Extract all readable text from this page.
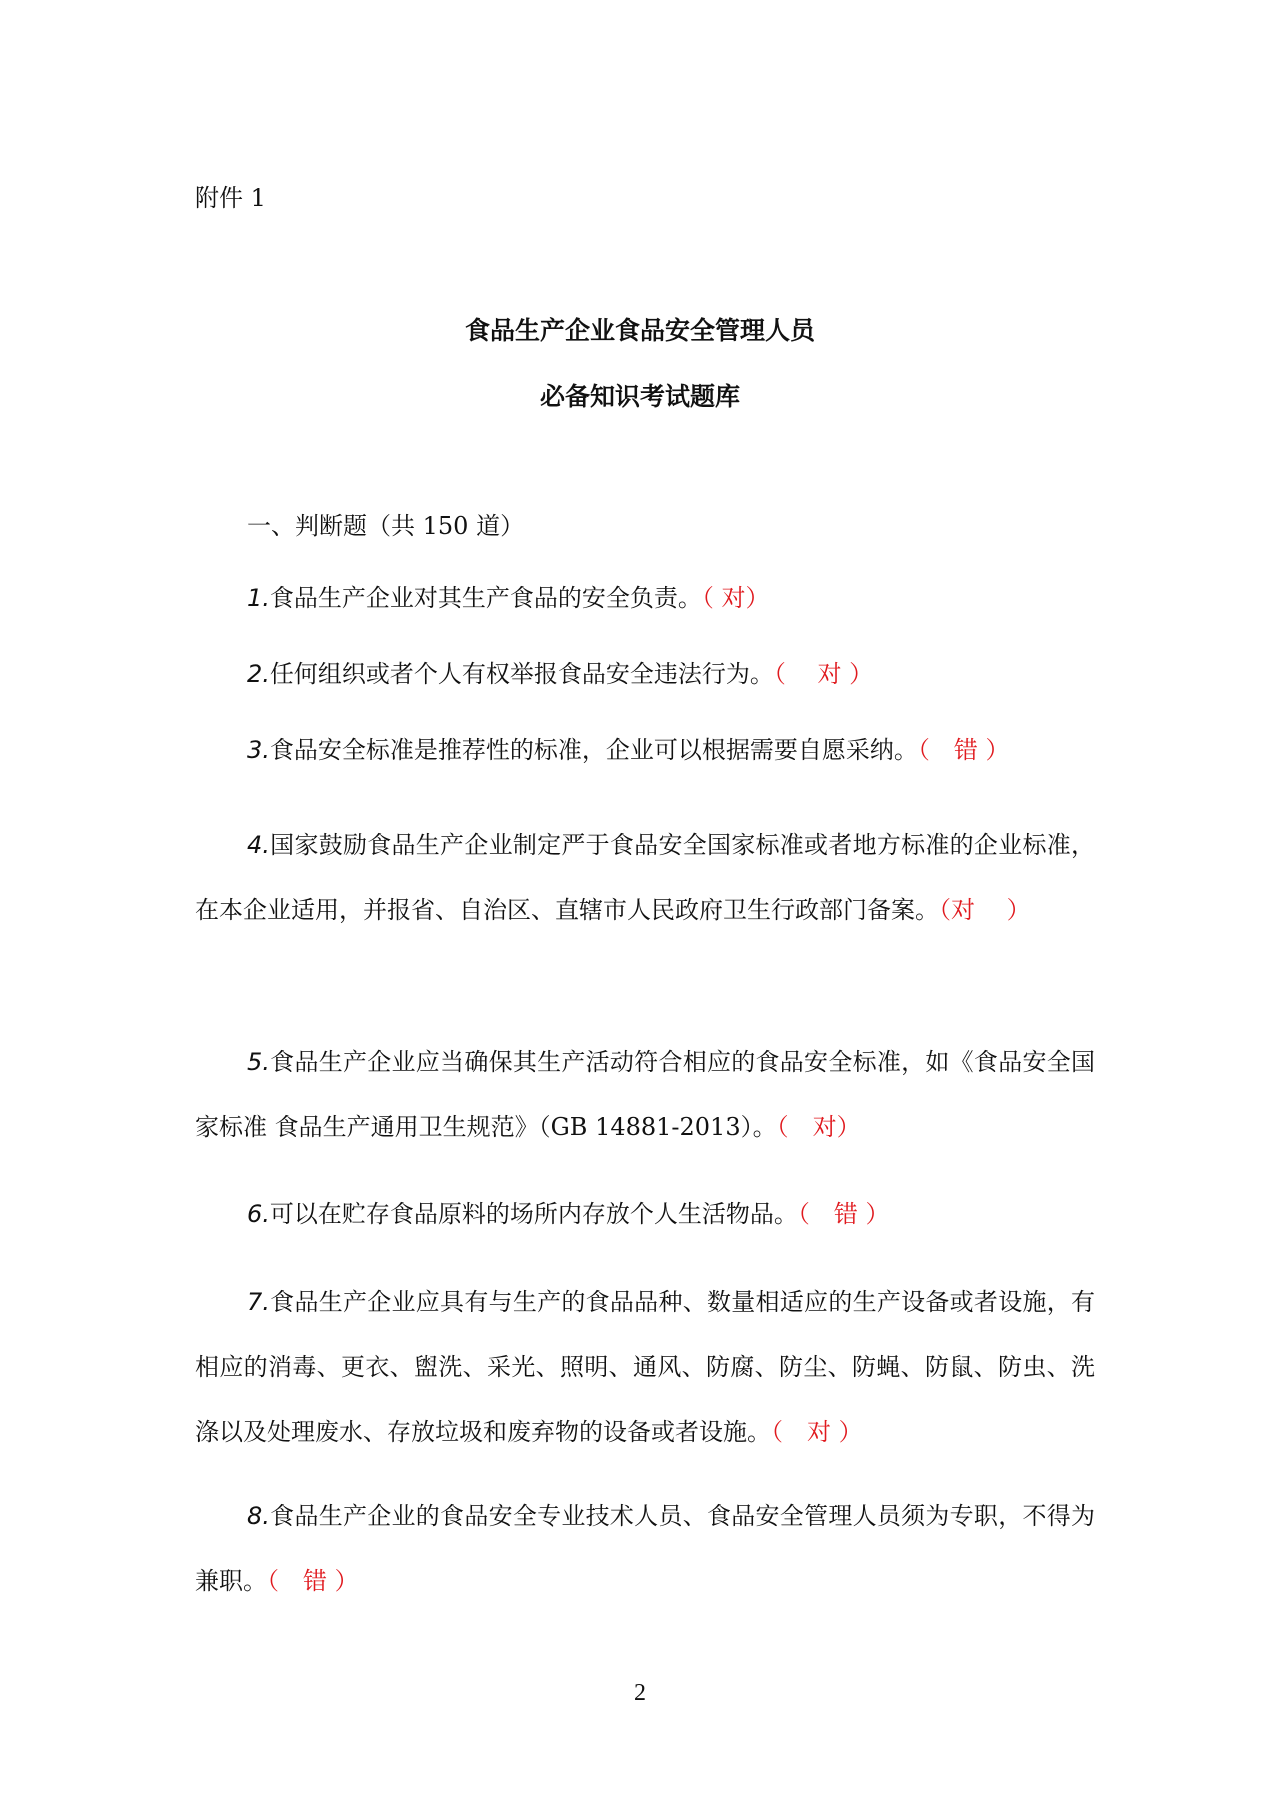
附件 1
食品生产企业食品安全管理人员
必备知识考试题库
一、判断题（共 150 道）
1.食品生产企业对其生产食品的安全负责。（ 对）
2.任何组织或者个人有权举报食品安全违法行为。（　 对 ）
3.食品安全标准是推荐性的标准，企业可以根据需要自愿采纳。（　错 ）
4.国家鼓励食品生产企业制定严于食品安全国家标准或者地方标准的企业标准，在本企业适用，并报省、自治区、直辖市人民政府卫生行政部门备案。（对　 ）
5.食品生产企业应当确保其生产活动符合相应的食品安全标准，如《食品安全国家标准 食品生产通用卫生规范》（GB 14881-2013）。（　对）
6.可以在贮存食品原料的场所内存放个人生活物品。（　错 ）
7.食品生产企业应具有与生产的食品品种、数量相适应的生产设备或者设施，有相应的消毒、更衣、盥洗、采光、照明、通风、防腐、防尘、防蝇、防鼠、防虫、洗涤以及处理废水、存放垃圾和废弃物的设备或者设施。（　对 ）
8.食品生产企业的食品安全专业技术人员、食品安全管理人员须为专职，不得为兼职。（　错 ）
2
